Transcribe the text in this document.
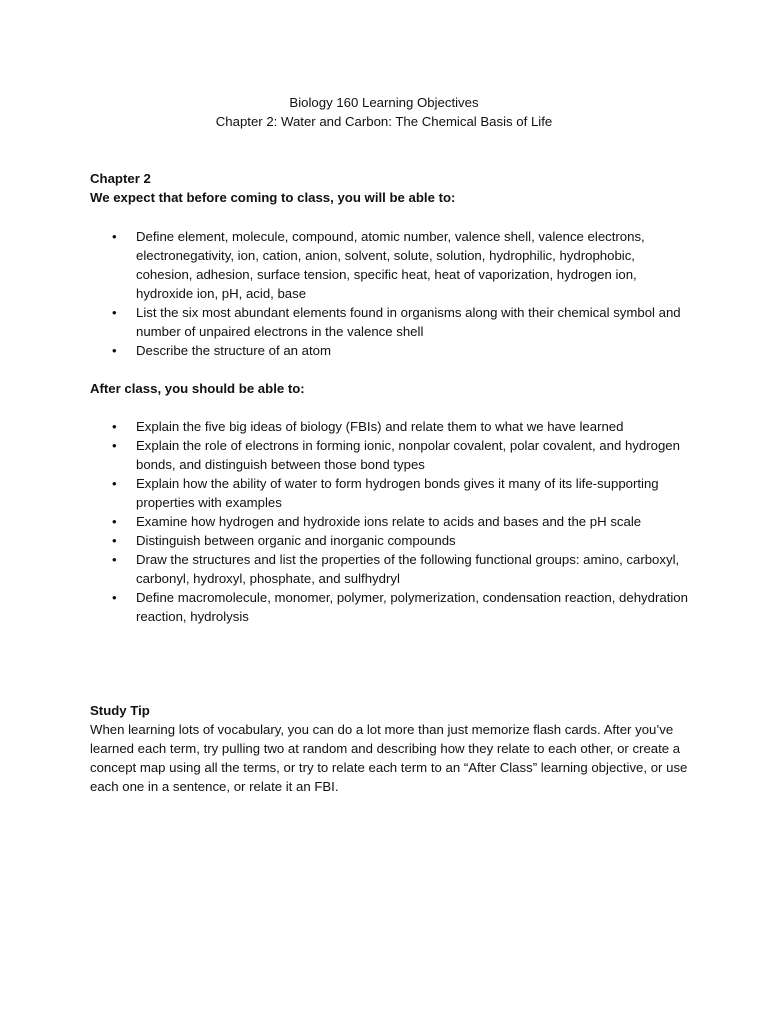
Biology 160 Learning Objectives
Chapter 2: Water and Carbon: The Chemical Basis of Life

Chapter 2

We expect that before coming to class, you will be able to:

• Define element, molecule, compound, atomic number, valence shell, valence electrons, electronegativity, ion, cation, anion, solvent, solute, solution, hydrophilic, hydrophobic, cohesion, adhesion, surface tension, specific heat, heat of vaporization, hydrogen ion, hydroxide ion, pH, acid, base
• List the six most abundant elements found in organisms along with their chemical symbol and number of unpaired electrons in the valence shell
• Describe the structure of an atom

After class, you should be able to:

• Explain the five big ideas of biology (FBIs) and relate them to what we have learned
• Explain the role of electrons in forming ionic, nonpolar covalent, polar covalent, and hydrogen bonds, and distinguish between those bond types
• Explain how the ability of water to form hydrogen bonds gives it many of its life-supporting properties with examples
• Examine how hydrogen and hydroxide ions relate to acids and bases and the pH scale
• Distinguish between organic and inorganic compounds
• Draw the structures and list the properties of the following functional groups: amino, carboxyl, carbonyl, hydroxyl, phosphate, and sulfhydryl
• Define macromolecule, monomer, polymer, polymerization, condensation reaction, dehydration reaction, hydrolysis

Study Tip

When learning lots of vocabulary, you can do a lot more than just memorize flash cards. After you’ve learned each term, try pulling two at random and describing how they relate to each other, or create a concept map using all the terms, or try to relate each term to an “After Class” learning objective, or use each one in a sentence, or relate it an FBI.
